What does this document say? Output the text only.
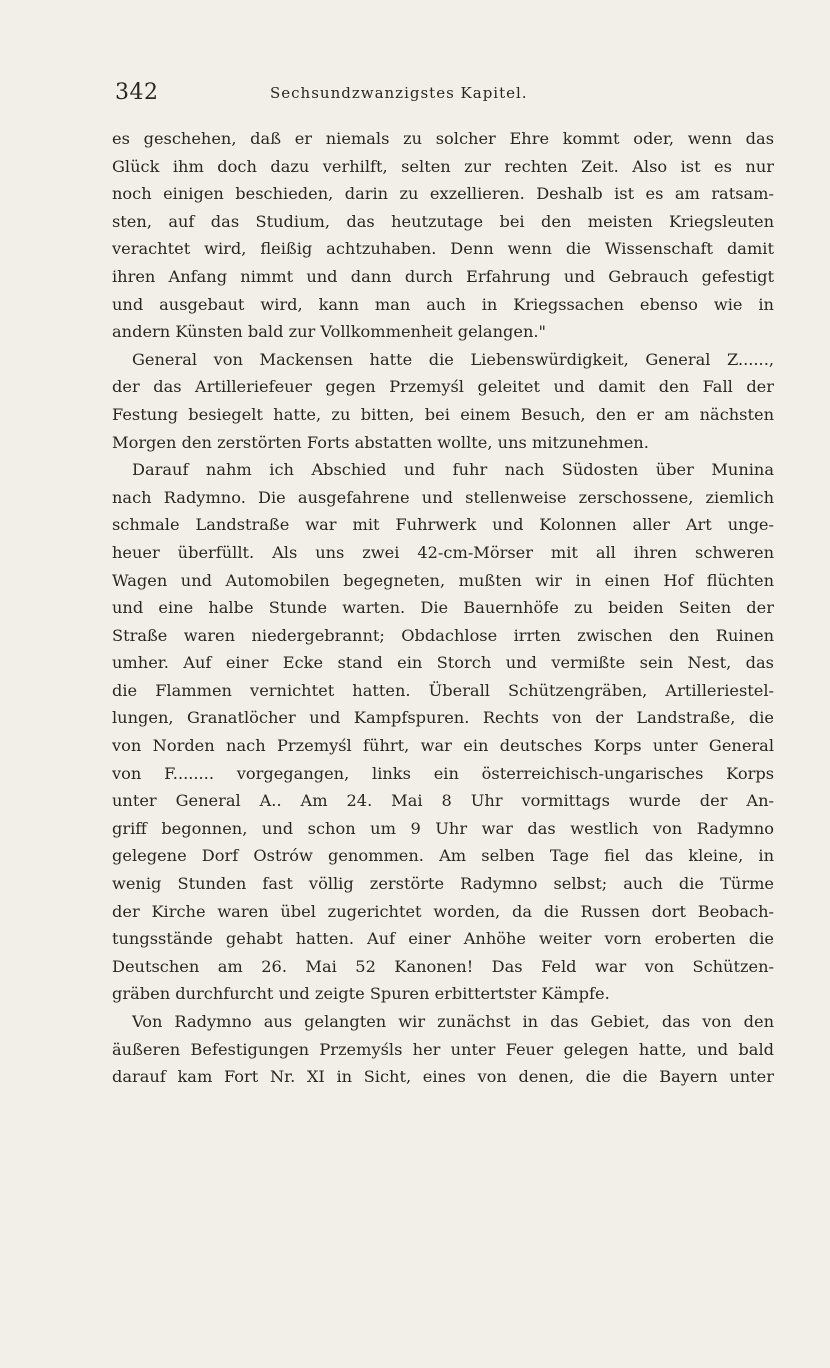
342	Sechsundzwanzigstes Kapitel.
es geschehen, daß er niemals zu solcher Ehre kommt oder, wenn das
Glück ihm doch dazu verhilft, selten zur rechten Zeit. Also ist es nur
noch einigen beschieden, darin zu exzellieren. Deshalb ist es am ratsam-
sten, auf das Studium, das heutzutage bei den meisten Kriegsleuten
verachtet wird, fleißig achtzuhaben. Denn wenn die Wissenschaft damit
ihren Anfang nimmt und dann durch Erfahrung und Gebrauch gefestigt
und ausgebaut wird, kann man auch in Kriegssachen ebenso wie in
andern Künsten bald zur Vollkommenheit gelangen."
General von Mackensen hatte die Liebenswürdigkeit, General Z......,
der das Artilleriefeuer gegen Przemyśl geleitet und damit den Fall der
Festung besiegelt hatte, zu bitten, bei einem Besuch, den er am nächsten
Morgen den zerstörten Forts abstatten wollte, uns mitzunehmen.
Darauf nahm ich Abschied und fuhr nach Südosten über Munina
nach Radymno. Die ausgefahrene und stellenweise zerschossene, ziemlich
schmale Landstraße war mit Fuhrwerk und Kolonnen aller Art unge-
heuer überfüllt. Als uns zwei 42-cm-Mörser mit all ihren schweren
Wagen und Automobilen begegneten, mußten wir in einen Hof flüchten
und eine halbe Stunde warten. Die Bauernhöfe zu beiden Seiten der
Straße waren niedergebrannt; Obdachlose irrten zwischen den Ruinen
umher. Auf einer Ecke stand ein Storch und vermißte sein Nest, das
die Flammen vernichtet hatten. Überall Schützengräben, Artilleriestel-
lungen, Granatlöcher und Kampfspuren. Rechts von der Landstraße, die
von Norden nach Przemyśl führt, war ein deutsches Korps unter General
von F........ vorgegangen, links ein österreichisch-ungarisches Korps
unter General A.. Am 24. Mai 8 Uhr vormittags wurde der An-
griff begonnen, und schon um 9 Uhr war das westlich von Radymno
gelegene Dorf Ostrów genommen. Am selben Tage fiel das kleine, in
wenig Stunden fast völlig zerstörte Radymno selbst; auch die Türme
der Kirche waren übel zugerichtet worden, da die Russen dort Beobach-
tungsstände gehabt hatten. Auf einer Anhöhe weiter vorn eroberten die
Deutschen am 26. Mai 52 Kanonen! Das Feld war von Schützen-
gräben durchfurcht und zeigte Spuren erbittertster Kämpfe.
Von Radymno aus gelangten wir zunächst in das Gebiet, das von den
äußeren Befestigungen Przemyśls her unter Feuer gelegen hatte, und bald
darauf kam Fort Nr. XI in Sicht, eines von denen, die die Bayern unter
